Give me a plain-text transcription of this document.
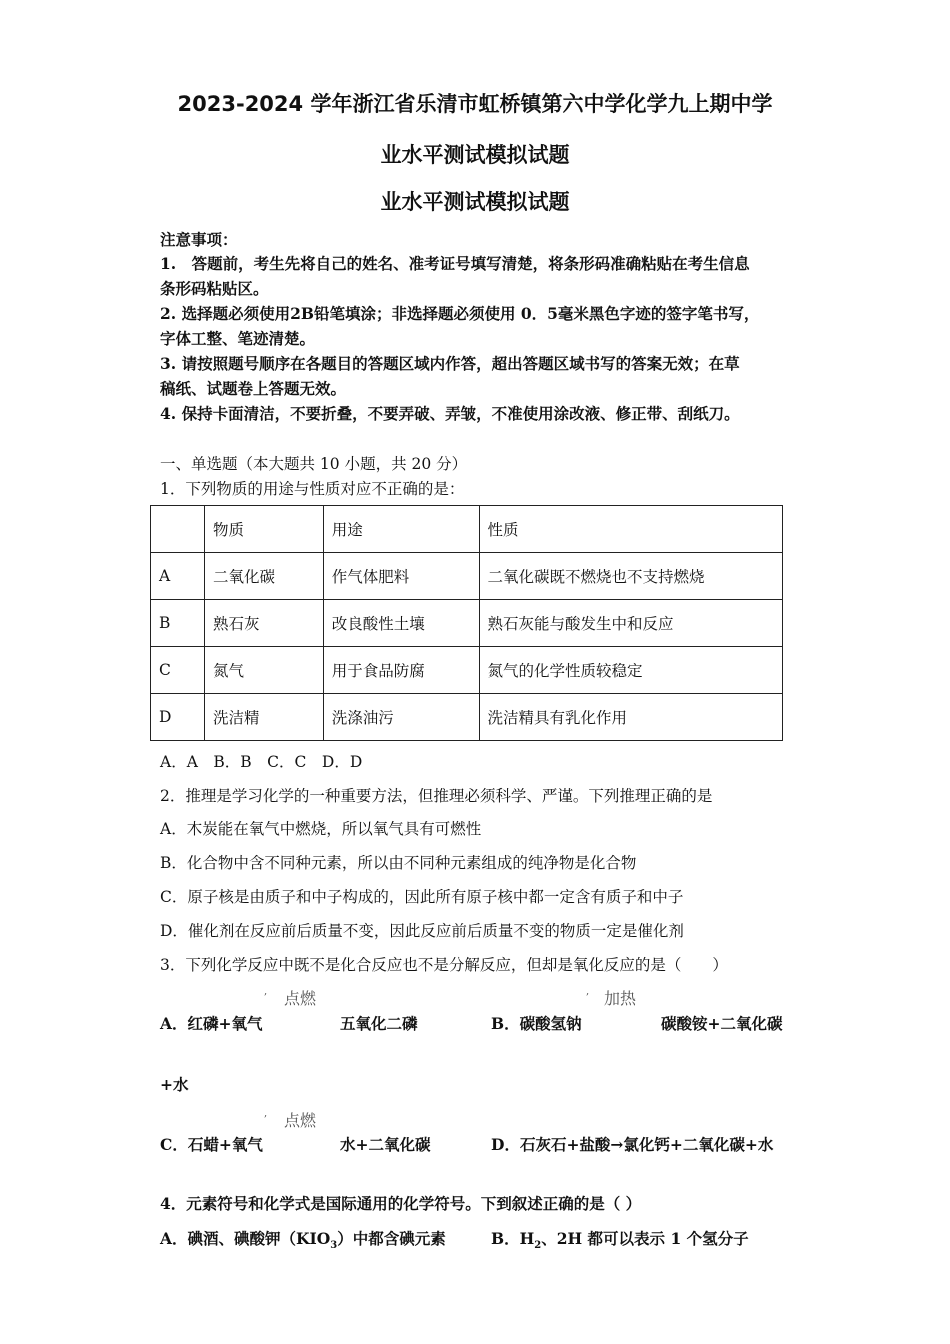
2023-2024 学年浙江省乐清市虹桥镇第六中学化学九上期中学
业水平测试模拟试题
业水平测试模拟试题
注意事项：
1.　答题前，考生先将自己的姓名、准考证号填写清楚，将条形码准确粘贴在考生信息
条形码粘贴区。
2. 选择题必须使用2B铅笔填涂；非选择题必须使用 0．5毫米黑色字迹的签字笔书写，
字体工整、笔迹清楚。
3. 请按照题号顺序在各题目的答题区域内作答，超出答题区域书写的答案无效；在草
稿纸、试题卷上答题无效。
4. 保持卡面清洁，不要折叠，不要弄破、弄皱，不准使用涂改液、修正带、刮纸刀。
一、单选题（本大题共 10 小题，共 20 分）
1．下列物质的用途与性质对应不正确的是：
	物质	用途	性质
A	二氧化碳	作气体肥料	二氧化碳既不燃烧也不支持燃烧
B	熟石灰	改良酸性土壤	熟石灰能与酸发生中和反应
C	氮气	用于食品防腐	氮气的化学性质较稳定
D	洗洁精	洗涤油污	洗洁精具有乳化作用
A．A　B．B　C．C　D．D
2．推理是学习化学的一种重要方法，但推理必须科学、严谨。下列推理正确的是
A．木炭能在氧气中燃烧，所以氧气具有可燃性
B．化合物中含不同种元素，所以由不同种元素组成的纯净物是化合物
C．原子核是由质子和中子构成的，因此所有原子核中都一定含有质子和中子
D．催化剂在反应前后质量不变，因此反应前后质量不变的物质一定是催化剂
3．下列化学反应中既不是化合反应也不是分解反应，但却是氧化反应的是（　　）
, 点燃
A．红磷+氧气	五氧化二磷
, 加热
B．碳酸氢钠	碳酸铵+二氧化碳
+水
, 点燃
C．石蜡+氧气	水+二氧化碳	D．石灰石+盐酸→氯化钙+二氧化碳+水
4．元素符号和化学式是国际通用的化学符号。下到叙述正确的是（ ）
A．碘酒、碘酸钾$(KIO_3)$中都含碘元素	B．$H_2$、2H 都可以表示 1 个氢分子
